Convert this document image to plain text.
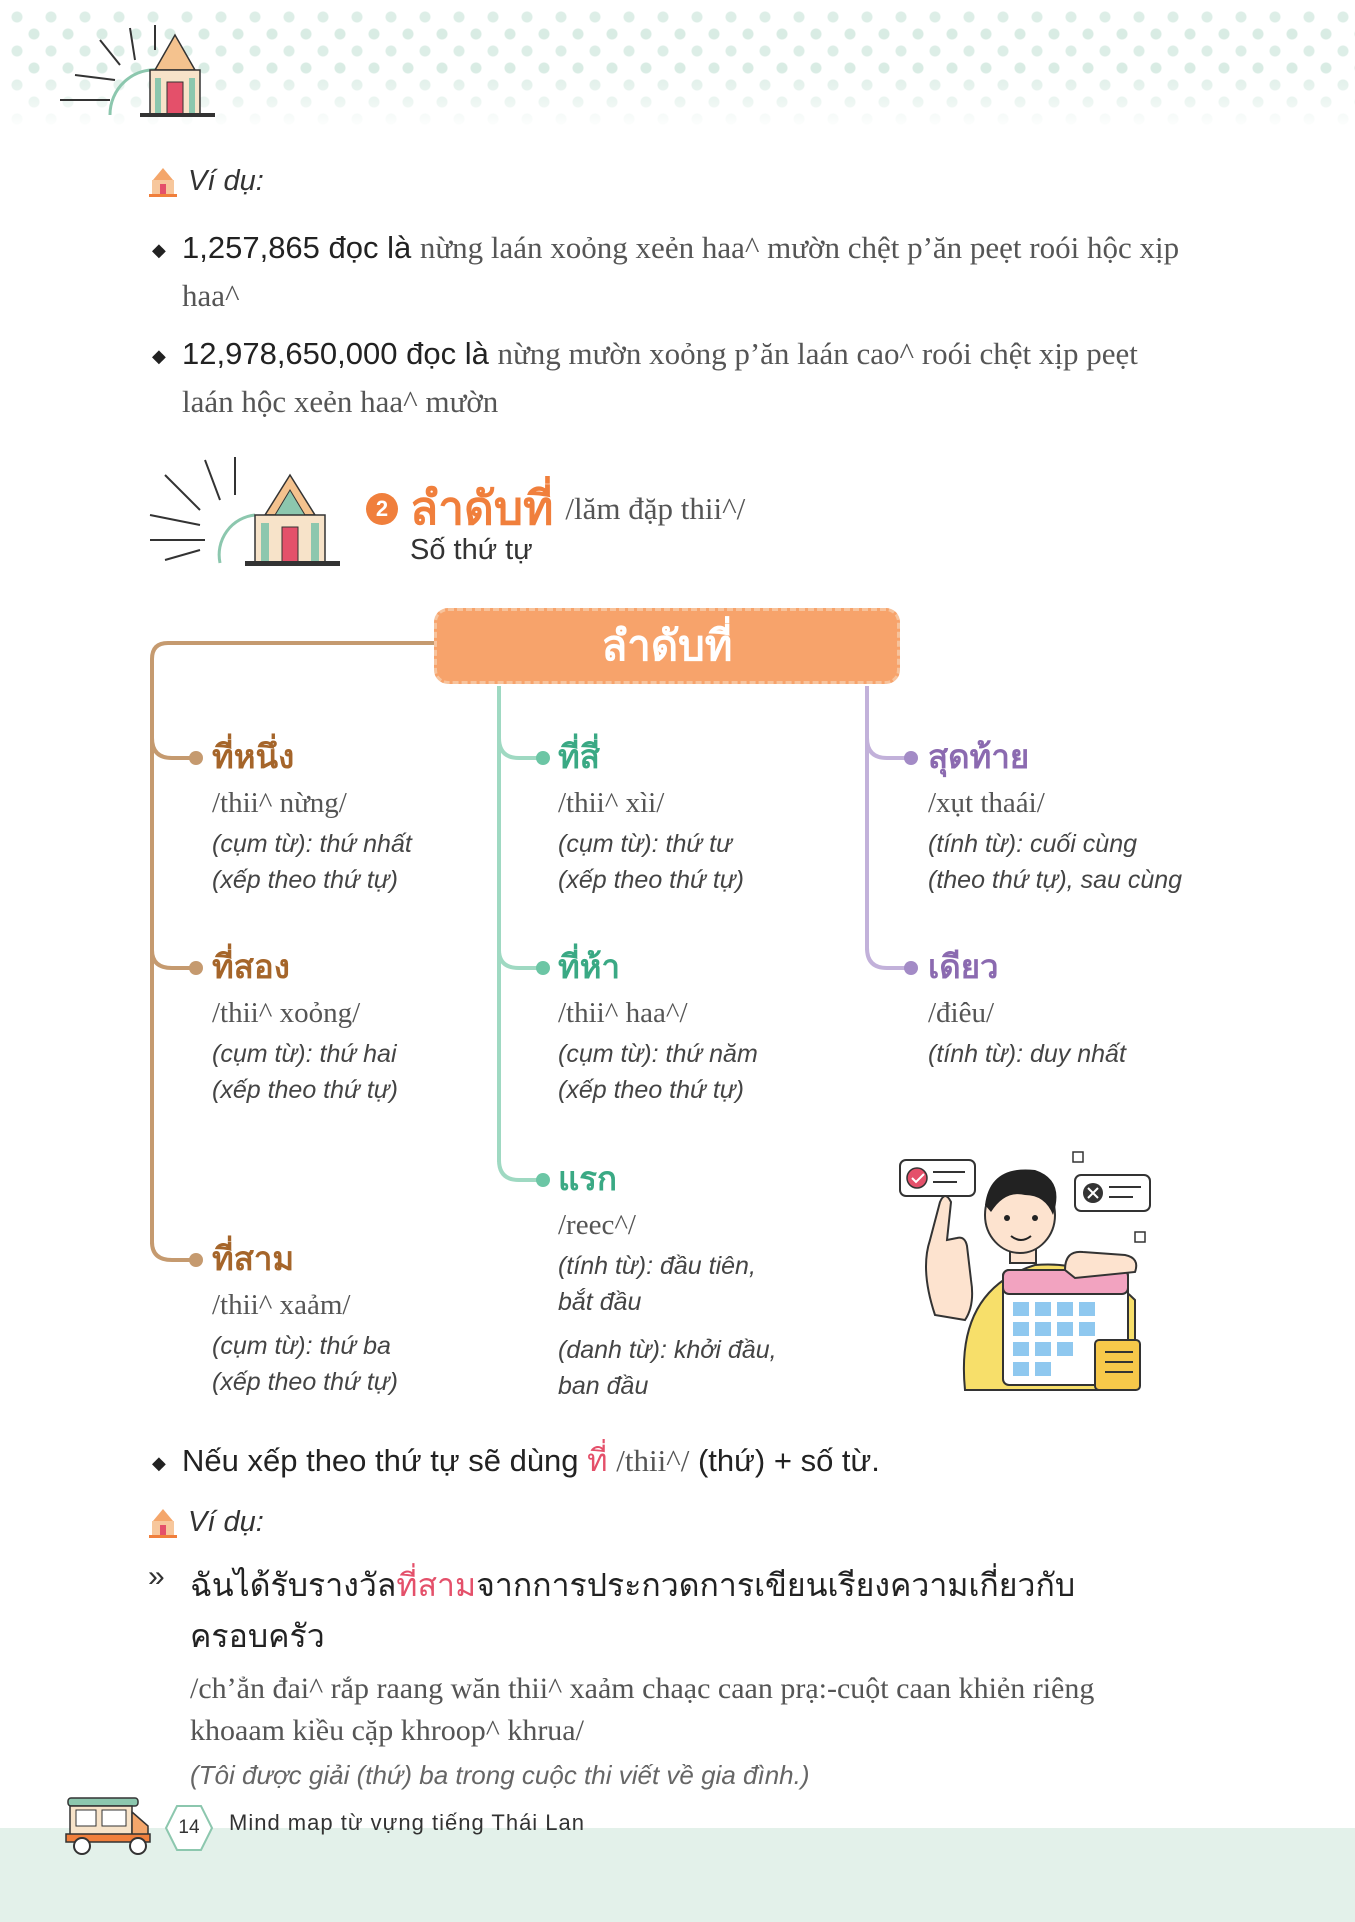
Ví dụ:
◆ 1,257,865 đọc là nừng laán xoỏng xeẻn haa^ mườn chệt p’ăn peẹt roói hộc xịp haa^
◆ 12,978,650,000 đọc là nừng mườn xoỏng p’ăn laán cao^ roói chệt xịp peẹt laán hộc xeẻn haa^ mườn
2 ลำดับที่ /lăm đặp thii^/
Số thứ tự
ลำดับที่
ที่หนึ่ง
/thii^ nừng/
(cụm từ): thứ nhất
(xếp theo thứ tự)
ที่สอง
/thii^ xoỏng/
(cụm từ): thứ hai
(xếp theo thứ tự)
ที่สาม
/thii^ xaảm/
(cụm từ): thứ ba
(xếp theo thứ tự)
ที่สี่
/thii^ xìi/
(cụm từ): thứ tư
(xếp theo thứ tự)
ที่ห้า
/thii^ haa^/
(cụm từ): thứ năm
(xếp theo thứ tự)
แรก
/reec^/
(tính từ): đầu tiên,
bắt đầu
(danh từ): khởi đầu,
ban đầu
สุดท้าย
/xụt thaái/
(tính từ): cuối cùng
(theo thứ tự), sau cùng
เดียว
/điêu/
(tính từ): duy nhất
◆ Nếu xếp theo thứ tự sẽ dùng ที่ /thii^/ (thứ) + số từ.
Ví dụ:
» ฉันได้รับรางวัลที่สามจากการประกวดการเขียนเรียงความเกี่ยวกับครอบครัว
/ch’ẳn đai^ rắp raang wăn thii^ xaảm chaạc caan prạ:-cuột caan khiẻn riêng khoaam kiều cặp khroop^ khrua/
(Tôi được giải (thứ) ba trong cuộc thi viết về gia đình.)
14	Mind map từ vựng tiếng Thái Lan
